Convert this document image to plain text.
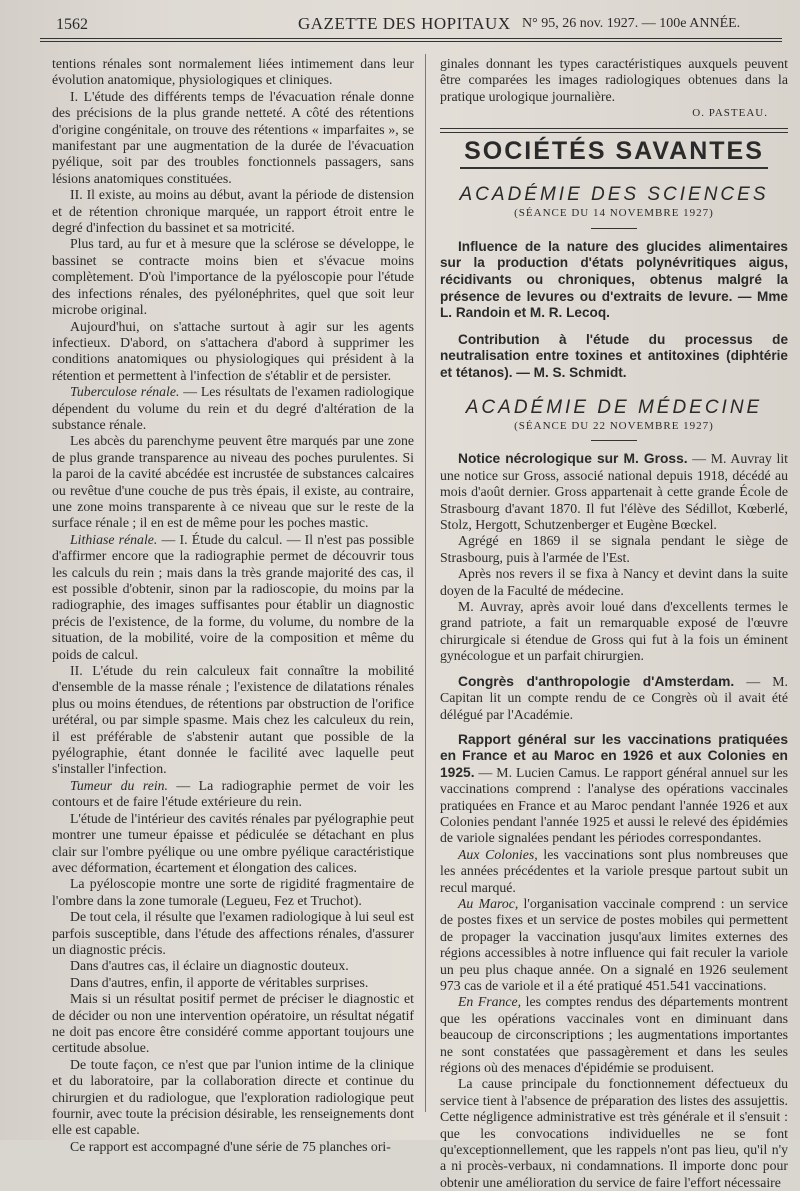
1562	GAZETTE DES HOPITAUX N° 95, 26 nov. 1927. — 100e ANNÉE.

tentions rénales sont normalement liées intimement dans leur évolution anatomique, physiologiques et cliniques.

I. L'étude des différents temps de l'évacuation rénale donne des précisions de la plus grande netteté. A côté des rétentions d'origine congénitale, on trouve des rétentions « imparfaites », se manifestant par une augmentation de la durée de l'évacuation pyélique, soit par des troubles fonctionnels passagers, sans lésions anatomiques constituées.

II. Il existe, au moins au début, avant la période de distension et de rétention chronique marquée, un rapport étroit entre le degré d'infection du bassinet et sa motricité.

Plus tard, au fur et à mesure que la sclérose se développe, le bassinet se contracte moins bien et s'évacue moins complètement. D'où l'importance de la pyéloscopie pour l'étude des infections rénales, des pyélonéphrites, quel que soit leur microbe original.

Aujourd'hui, on s'attache surtout à agir sur les agents infectieux. D'abord, on s'attachera d'abord à supprimer les conditions anatomiques ou physiologiques qui président à la rétention et permettent à l'infection de s'établir et de persister.

Tuberculose rénale. — Les résultats de l'examen radiologique dépendent du volume du rein et du degré d'altération de la substance rénale.

Les abcès du parenchyme peuvent être marqués par une zone de plus grande transparence au niveau des poches purulentes. Si la paroi de la cavité abcédée est incrustée de substances calcaires ou revêtue d'une couche de pus très épais, il existe, au contraire, une zone moins transparente à ce niveau que sur le reste de la surface rénale ; il en est de même pour les poches mastic.

Lithiase rénale. — I. Étude du calcul. — Il n'est pas possible d'affirmer encore que la radiographie permet de découvrir tous les calculs du rein ; mais dans la très grande majorité des cas, il est possible d'obtenir, sinon par la radioscopie, du moins par la radiographie, des images suffisantes pour établir un diagnostic précis de l'existence, de la forme, du volume, du nombre de la situation, de la mobilité, voire de la composition et même du poids de calcul.

II. L'étude du rein calculeux fait connaître la mobilité d'ensemble de la masse rénale ; l'existence de dilatations rénales plus ou moins étendues, de rétentions par obstruction de l'orifice urétéral, ou par simple spasme. Mais chez les calculeux du rein, il est préférable de s'abstenir autant que possible de la pyélographie, étant donnée le facilité avec laquelle peut s'installer l'infection.

Tumeur du rein. — La radiographie permet de voir les contours et de faire l'étude extérieure du rein.

L'étude de l'intérieur des cavités rénales par pyélographie peut montrer une tumeur épaisse et pédiculée se détachant en plus clair sur l'ombre pyélique ou une ombre pyélique caractéristique avec déformation, écartement et élongation des calices.

La pyéloscopie montre une sorte de rigidité fragmentaire de l'ombre dans la zone tumorale (Legueu, Fez et Truchot).

De tout cela, il résulte que l'examen radiologique à lui seul est parfois susceptible, dans l'étude des affections rénales, d'assurer un diagnostic précis.

Dans d'autres cas, il éclaire un diagnostic douteux.

Dans d'autres, enfin, il apporte de véritables surprises.

Mais si un résultat positif permet de préciser le diagnostic et de décider ou non une intervention opératoire, un résultat négatif ne doit pas encore être considéré comme apportant toujours une certitude absolue.

De toute façon, ce n'est que par l'union intime de la clinique et du laboratoire, par la collaboration directe et continue du chirurgien et du radiologue, que l'exploration radiologique peut fournir, avec toute la précision désirable, les renseignements dont elle est capable.

Ce rapport est accompagné d'une série de 75 planches ori-

ginales donnant les types caractéristiques auxquels peuvent être comparées les images radiologiques obtenues dans la pratique urologique journalière.

O. PASTEAU.
SOCIÉTÉS SAVANTES
ACADÉMIE DES SCIENCES
(SÉANCE DU 14 NOVEMBRE 1927)
Influence de la nature des glucides alimentaires sur la production d'états polynévritiques aigus, récidivants ou chroniques, obtenus malgré la présence de levures ou d'extraits de levure. — Mme L. Randoin et M. R. Lecoq.
Contribution à l'étude du processus de neutralisation entre toxines et antitoxines (diphtérie et tétanos). — M. S. Schmidt.
ACADÉMIE DE MÉDECINE
(SÉANCE DU 22 NOVEMBRE 1927)

Notice nécrologique sur M. Gross. — M. Auvray lit une notice sur Gross, associé national depuis 1918, décédé au mois d'août dernier. Gross appartenait à cette grande École de Strasbourg d'avant 1870. Il fut l'élève des Sédillot, Kœberlé, Stolz, Hergott, Schutzenberger et Eugène Bœckel.

Agrégé en 1869 il se signala pendant le siège de Strasbourg, puis à l'armée de l'Est.

Après nos revers il se fixa à Nancy et devint dans la suite doyen de la Faculté de médecine.

M. Auvray, après avoir loué dans d'excellents termes le grand patriote, a fait un remarquable exposé de l'œuvre chirurgicale si étendue de Gross qui fut à la fois un éminent gynécologue et un parfait chirurgien.

Congrès d'anthropologie d'Amsterdam. — M. Capitan lit un compte rendu de ce Congrès où il avait été délégué par l'Académie.

Rapport général sur les vaccinations pratiquées en France et au Maroc en 1926 et aux Colonies en 1925. — M. Lucien Camus. Le rapport général annuel sur les vaccinations comprend : l'analyse des opérations vaccinales pratiquées en France et au Maroc pendant l'année 1926 et aux Colonies pendant l'année 1925 et aussi le relevé des épidémies de variole signalées pendant les périodes correspondantes.

Aux Colonies, les vaccinations sont plus nombreuses que les années précédentes et la variole presque partout subit un recul marqué.

Au Maroc, l'organisation vaccinale comprend : un service de postes fixes et un service de postes mobiles qui permettent de propager la vaccination jusqu'aux limites externes des régions accessibles à notre influence qui fait reculer la variole un peu plus chaque année. On a signalé en 1926 seulement 973 cas de variole et il a été pratiqué 451.541 vaccinations.

En France, les comptes rendus des départements montrent que les opérations vaccinales vont en diminuant dans beaucoup de circonscriptions ; les augmentations importantes ne sont constatées que passagèrement et dans les seules régions où des menaces d'épidémie se produisent.

La cause principale du fonctionnement défectueux du service tient à l'absence de préparation des listes des assujettis. Cette négligence administrative est très générale et il s'ensuit : que les convocations individuelles ne se font qu'exceptionnellement, que les rappels n'ont pas lieu, qu'il n'y a ni procès-verbaux, ni condamnations. Il importe donc pour obtenir une amélioration du service de faire l'effort nécessaire
